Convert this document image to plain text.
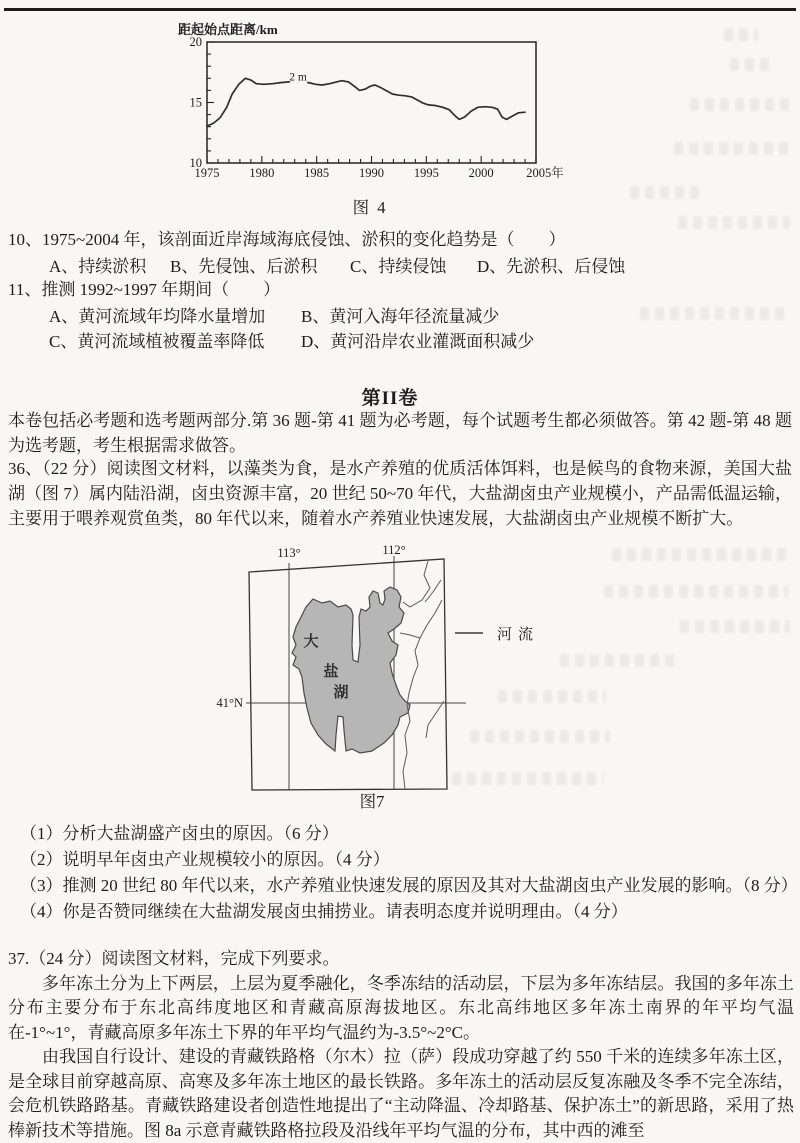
1975 1980 1985 1990 1995 2000	2005年
10
15
20
距起始点距离/km
2 m
图 4
10、1975~2004 年，该剖面近岸海域海底侵蚀、淤积的变化趋势是（　　）
A、持续淤积 B、先侵蚀、后淤积 C、持续侵蚀 D、先淤积、后侵蚀
11、推测 1992~1997 年期间（　　）
A、黄河流域年均降水量增加 B、黄河入海年径流量减少
C、黄河流域植被覆盖率降低 D、黄河沿岸农业灌溉面积减少
第II卷
本卷包括必考题和选考题两部分.第 36 题-第 41 题为必考题，每个试题考生都必须做答。第 42 题-第 48 题为选考题，考生根据需求做答。
36、（22 分）阅读图文材料，以藻类为食，是水产养殖的优质活体饵料，也是候鸟的食物来源，美国大盐湖（图 7）属内陆沿湖，卤虫资源丰富，20 世纪 50~70 年代，大盐湖卤虫产业规模小，产品需低温运输，主要用于喂养观赏鱼类，80 年代以来，随着水产养殖业快速发展，大盐湖卤虫产业规模不断扩大。
113°	112°
41°N
大
盐
湖
河流
图7
（1）分析大盐湖盛产卤虫的原因。（6 分）
（2）说明早年卤虫产业规模较小的原因。（4 分）
（3）推测 20 世纪 80 年代以来，水产养殖业快速发展的原因及其对大盐湖卤虫产业发展的影响。（8 分）
（4）你是否赞同继续在大盐湖发展卤虫捕捞业。请表明态度并说明理由。（4 分）
37.（24 分）阅读图文材料，完成下列要求。
多年冻土分为上下两层，上层为夏季融化，冬季冻结的活动层，下层为多年冻结层。我国的多年冻土分布主要分布于东北高纬度地区和青藏高原海拔地区。东北高纬地区多年冻土南界的年平均气温在-1°~1°，青藏高原多年冻土下界的年平均气温约为-3.5°~2°C。
由我国自行设计、建设的青藏铁路格（尔木）拉（萨）段成功穿越了约 550 千米的连续多年冻土区，是全球目前穿越高原、高寒及多年冻土地区的最长铁路。多年冻土的活动层反复冻融及冬季不完全冻结，会危机铁路路基。青藏铁路建设者创造性地提出了“主动降温、冷却路基、保护冻土”的新思路，采用了热棒新技术等措施。图 8a 示意青藏铁路格拉段及沿线年平均气温的分布，其中西的滩至
